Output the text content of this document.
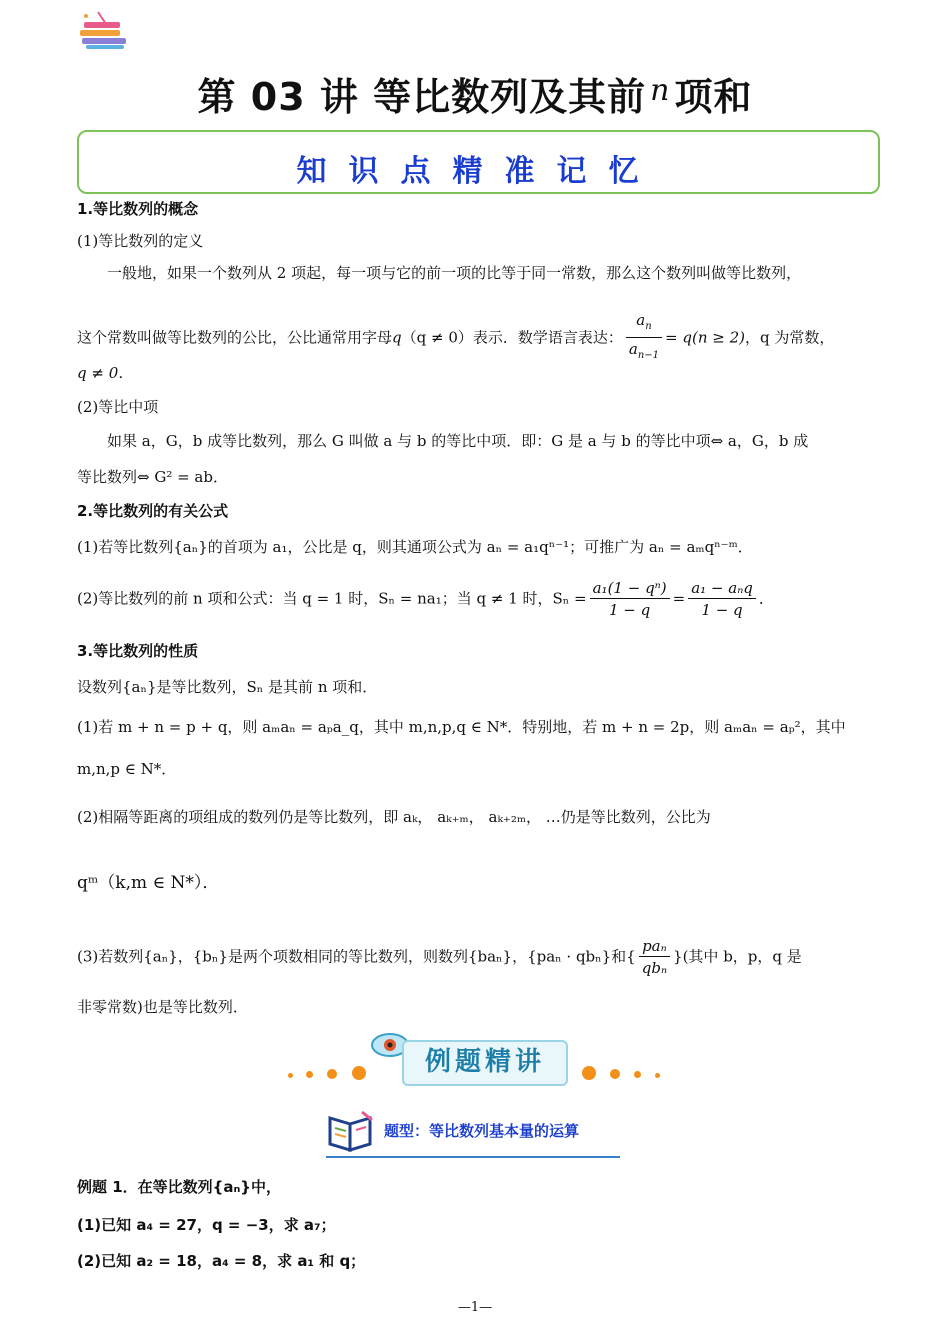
第 03 讲 等比数列及其前 $^n$ 项和
知识点精准记忆
1.等比数列的概念
(1)等比数列的定义
一般地，如果一个数列从 2 项起，每一项与它的前一项的比等于同一常数，那么这个数列叫做等比数列，
这个常数叫做等比数列的公比，公比通常用字母q（q ≠ 0）表示．数学语言表达： $\frac{a_n}{a_{n-1}} = q(n \ge 2)$，q 为常数，
q ≠ 0．
(2)等比中项
如果 a，G，b 成等比数列，那么 G 叫做 a 与 b 的等比中项．即：G 是 a 与 b 的等比中项⇔ a，G，b 成
等比数列⇔ G² = ab．
2.等比数列的有关公式
(1)若等比数列{aₙ}的首项为 a₁，公比是 q，则其通项公式为 aₙ = a₁qⁿ⁻¹；可推广为 aₙ = aₘqⁿ⁻ᵐ．
(2)等比数列的前 n 项和公式：当 q = 1 时，Sₙ = na₁；当 q ≠ 1 时，$S_n = \frac{\text{a₁(1 − qⁿ)}}{1 - q} = \frac{\text{a₁ − aₙq}}{1 - q}$ ．
3.等比数列的性质
设数列{aₙ}是等比数列，Sₙ 是其前 n 项和．
(1)若 m + n = p + q，则 aₘaₙ = aₚa_q，其中 m,n,p,q ∈ N*．特别地，若 m + n = 2p，则 aₘaₙ = aₚ²，其中
m,n,p ∈ N*．
(2)相隔等距离的项组成的数列仍是等比数列，即 aₖ， aₖ₊ₘ， aₖ₊₂ₘ， …仍是等比数列，公比为
qᵐ（k,m ∈ N*）．
(3)若数列{aₙ}，{bₙ}是两个项数相同的等比数列，则数列{baₙ}，{paₙ · qbₙ}和{ $\frac{\text{paₙ}}{\text{qbₙ}}$ }(其中 b，p，q 是
非零常数)也是等比数列．
例题精讲
题型：等比数列基本量的运算
例题 1．在等比数列{aₙ}中，
(1)已知 a₄ = 27，q = −3，求 a₇；
(2)已知 a₂ = 18，a₄ = 8，求 a₁ 和 q；
—1—
